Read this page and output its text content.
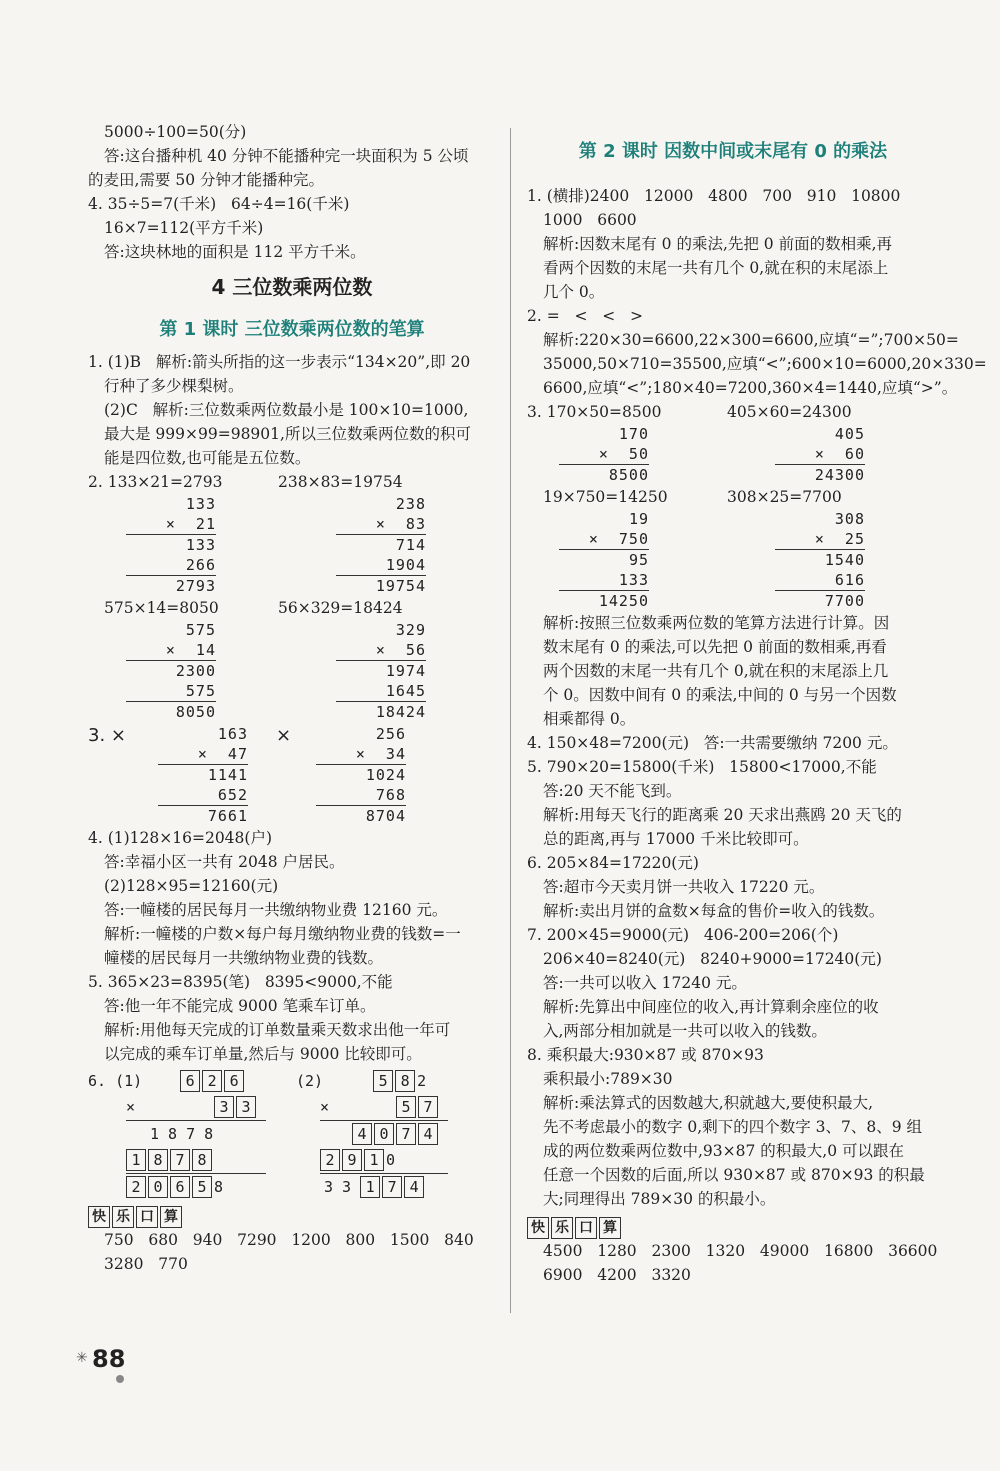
5000÷100=50(分)
答:这台播种机 40 分钟不能播种完一块面积为 5 公顷
的麦田,需要 50 分钟才能播种完。
4. 35÷5=7(千米)   64÷4=16(千米)
16×7=112(平方千米)
答:这块林地的面积是 112 平方千米。
4 三位数乘两位数
第 1 课时 三位数乘两位数的笔算
1. (1)B   解析:箭头所指的这一步表示“134×20”,即 20
行种了多少棵梨树。
(2)C   解析:三位数乘两位数最小是 100×10=1000,
最大是 999×99=98901,所以三位数乘两位数的积可
能是四位数,也可能是五位数。
2. 133×21=2793	238×83=19754
133
×  21
133
266
2793
238
×  83
714
1904
19754
575×14=8050	56×329=18424
575
×  14
2300
575
8050
329
×  56
1974
1645
18424
3. ×	163
×  47
1141
652
7661
×	256
×  34
1024
768
8704
4. (1)128×16=2048(户)
答:幸福小区一共有 2048 户居民。
(2)128×95=12160(元)
答:一幢楼的居民每月一共缴纳物业费 12160 元。
解析:一幢楼的户数×每户每月缴纳物业费的钱数=一
幢楼的居民每月一共缴纳物业费的钱数。
5. 365×23=8395(笔)   8395<9000,不能
答:他一年不能完成 9000 笔乘车订单。
解析:用他每天完成的订单数量乘天数求出他一年可
以完成的乘车订单量,然后与 9000 比较即可。
6. (1)	6 2 6
×	3 3
1 8 7 8
1 8 7 8
2 0 6 5 8
(2)	5 8 2
×	5 7
4 0 7 4
2 9 1 0
3 3 1 7 4
快 乐 口 算
750   680   940   7290   1200   800   1500   840
3280   770
第 2 课时 因数中间或末尾有 0 的乘法
1. (横排)2400   12000   4800   700   910   10800
1000   6600
解析:因数末尾有 0 的乘法,先把 0 前面的数相乘,再
看两个因数的末尾一共有几个 0,就在积的末尾添上
几个 0。
2. =   <   <   >
解析:220×30=6600,22×300=6600,应填“=”;700×50=
35000,50×710=35500,应填“<”;600×10=6000,20×330=
6600,应填“<”;180×40=7200,360×4=1440,应填“>”。
3. 170×50=8500	405×60=24300
170
×  50
8500
405
×  60
24300
19×750=14250	308×25=7700
19
×  750
95
133
14250
308
×  25
1540
616
7700
解析:按照三位数乘两位数的笔算方法进行计算。因
数末尾有 0 的乘法,可以先把 0 前面的数相乘,再看
两个因数的末尾一共有几个 0,就在积的末尾添上几
个 0。因数中间有 0 的乘法,中间的 0 与另一个因数
相乘都得 0。
4. 150×48=7200(元)   答:一共需要缴纳 7200 元。
5. 790×20=15800(千米)   15800<17000,不能
答:20 天不能飞到。
解析:用每天飞行的距离乘 20 天求出燕鸥 20 天飞的
总的距离,再与 17000 千米比较即可。
6. 205×84=17220(元)
答:超市今天卖月饼一共收入 17220 元。
解析:卖出月饼的盒数×每盒的售价=收入的钱数。
7. 200×45=9000(元)   406-200=206(个)
206×40=8240(元)   8240+9000=17240(元)
答:一共可以收入 17240 元。
解析:先算出中间座位的收入,再计算剩余座位的收
入,两部分相加就是一共可以收入的钱数。
8. 乘积最大:930×87 或 870×93
乘积最小:789×30
解析:乘法算式的因数越大,积就越大,要使积最大,
先不考虑最小的数字 0,剩下的四个数字 3、7、8、9 组
成的两位数乘两位数中,93×87 的积最大,0 可以跟在
任意一个因数的后面,所以 930×87 或 870×93 的积最
大;同理得出 789×30 的积最小。
快 乐 口 算
4500   1280   2300   1320   49000   16800   36600
6900   4200   3320
✳ 88
